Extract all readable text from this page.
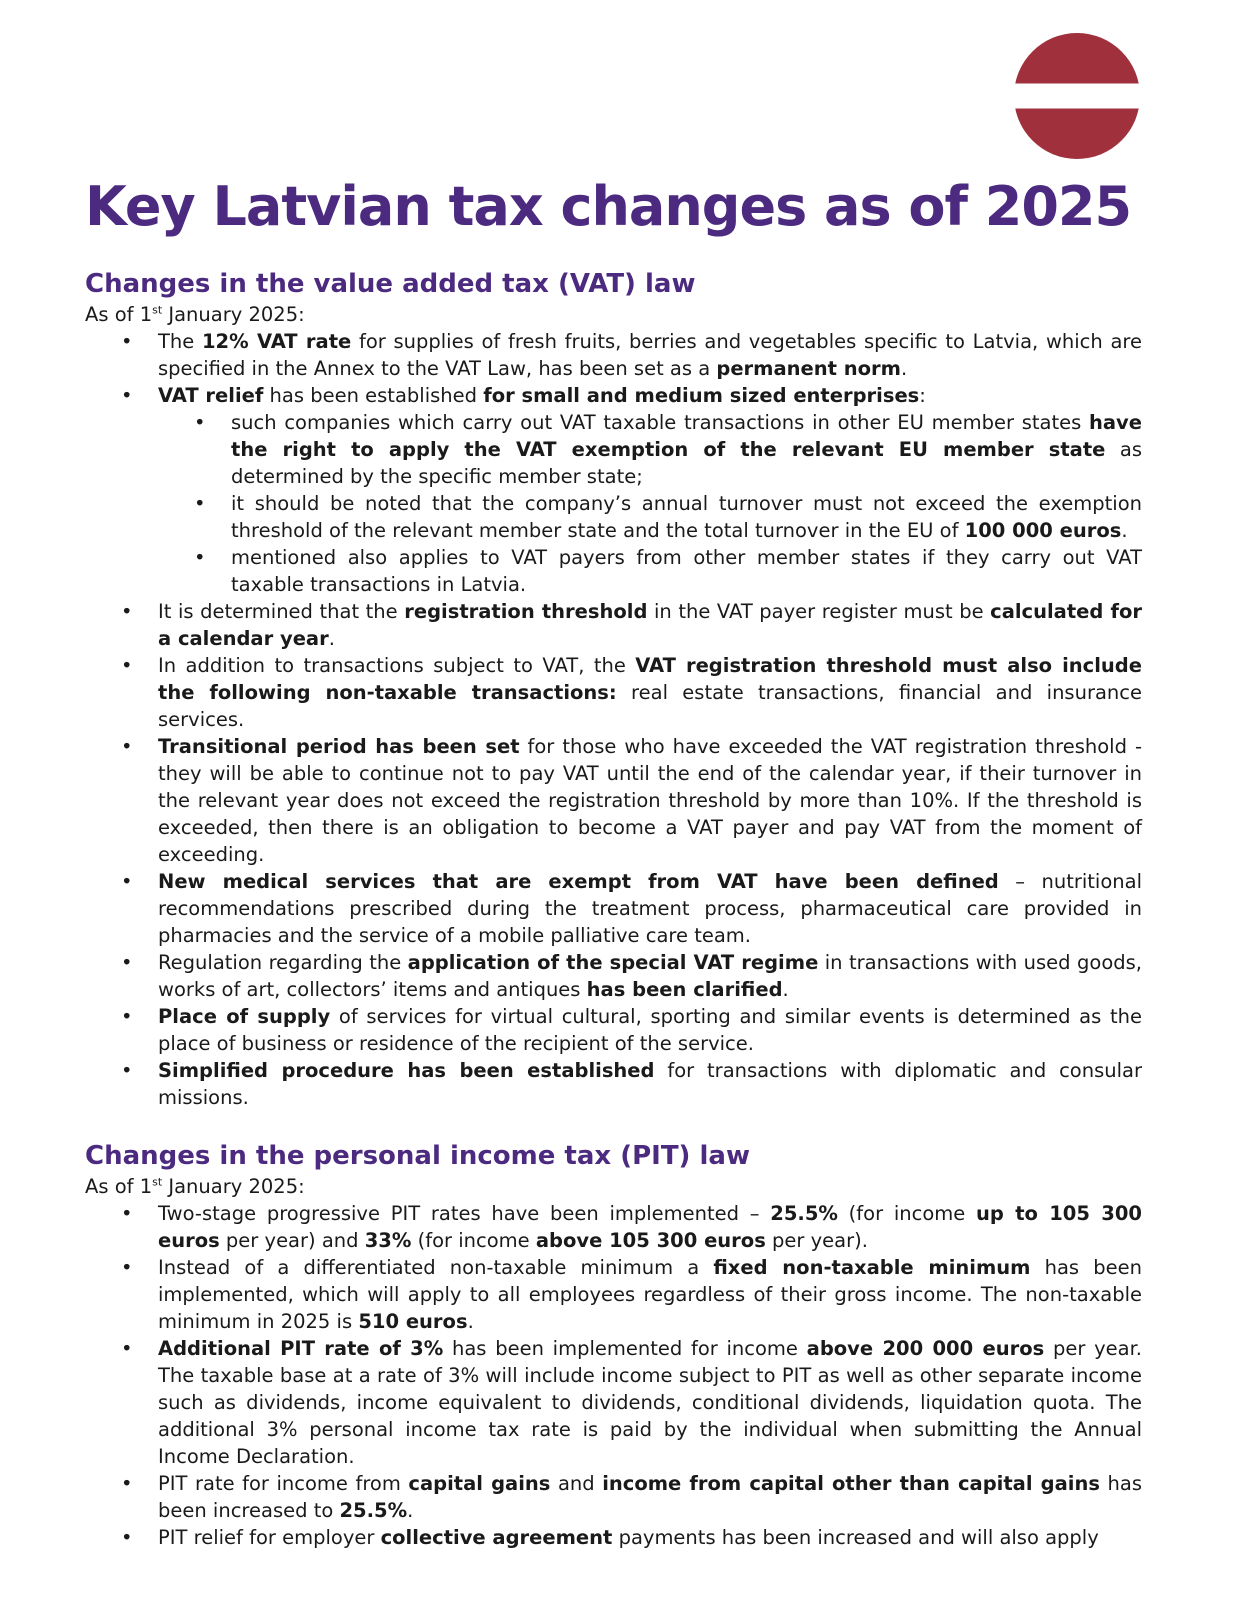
Key Latvian tax changes as of 2025
Changes in the value added tax (VAT) law
As of 1st January 2025:
• The 12% VAT rate for supplies of fresh fruits, berries and vegetables specific to Latvia, which are specified in the Annex to the VAT Law, has been set as a permanent norm.
• VAT relief has been established for small and medium sized enterprises:
• such companies which carry out VAT taxable transactions in other EU member states have the right to apply the VAT exemption of the relevant EU member state as determined by the specific member state;
• it should be noted that the company’s annual turnover must not exceed the exemption threshold of the relevant member state and the total turnover in the EU of 100 000 euros.
• mentioned also applies to VAT payers from other member states if they carry out VAT taxable transactions in Latvia.
• It is determined that the registration threshold in the VAT payer register must be calculated for a calendar year.
• In addition to transactions subject to VAT, the VAT registration threshold must also include the following non-taxable transactions: real estate transactions, financial and insurance services.
• Transitional period has been set for those who have exceeded the VAT registration threshold - they will be able to continue not to pay VAT until the end of the calendar year, if their turnover in the relevant year does not exceed the registration threshold by more than 10%. If the threshold is exceeded, then there is an obligation to become a VAT payer and pay VAT from the moment of exceeding.
• New medical services that are exempt from VAT have been defined – nutritional recommendations prescribed during the treatment process, pharmaceutical care provided in pharmacies and the service of a mobile palliative care team.
• Regulation regarding the application of the special VAT regime in transactions with used goods, works of art, collectors’ items and antiques has been clarified.
• Place of supply of services for virtual cultural, sporting and similar events is determined as the place of business or residence of the recipient of the service.
• Simplified procedure has been established for transactions with diplomatic and consular missions.
Changes in the personal income tax (PIT) law
As of 1st January 2025:
• Two-stage progressive PIT rates have been implemented – 25.5% (for income up to 105 300 euros per year) and 33% (for income above 105 300 euros per year).
• Instead of a differentiated non-taxable minimum a fixed non-taxable minimum has been implemented, which will apply to all employees regardless of their gross income. The non-taxable minimum in 2025 is 510 euros.
• Additional PIT rate of 3% has been implemented for income above 200 000 euros per year. The taxable base at a rate of 3% will include income subject to PIT as well as other separate income such as dividends, income equivalent to dividends, conditional dividends, liquidation quota. The additional 3% personal income tax rate is paid by the individual when submitting the Annual Income Declaration.
• PIT rate for income from capital gains and income from capital other than capital gains has been increased to 25.5%.
• PIT relief for employer collective agreement payments has been increased and will also apply
